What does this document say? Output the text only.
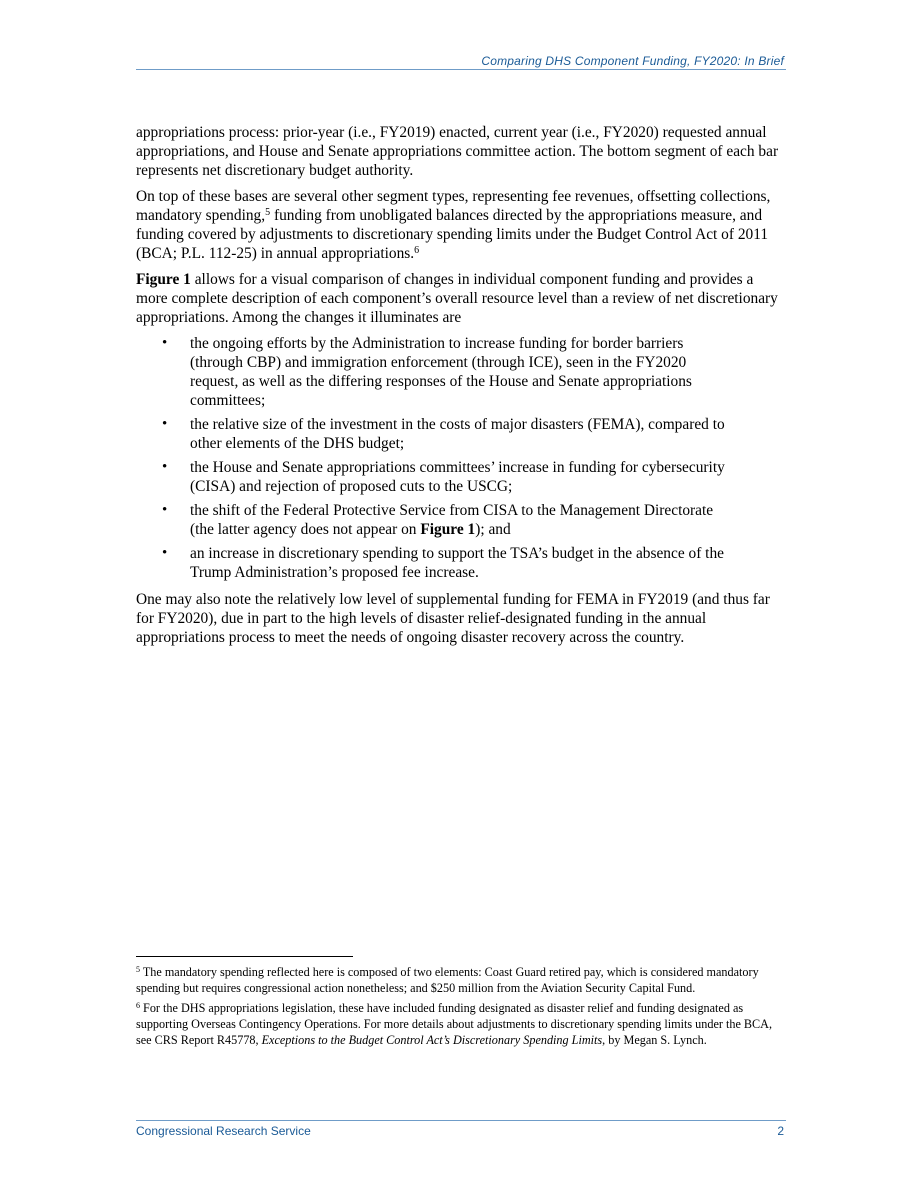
Comparing DHS Component Funding, FY2020: In Brief

appropriations process: prior-year (i.e., FY2019) enacted, current year (i.e., FY2020) requested annual appropriations, and House and Senate appropriations committee action. The bottom segment of each bar represents net discretionary budget authority.

On top of these bases are several other segment types, representing fee revenues, offsetting collections, mandatory spending,$^5$ funding from unobligated balances directed by the appropriations measure, and funding covered by adjustments to discretionary spending limits under the Budget Control Act of 2011 (BCA; P.L. 112-25) in annual appropriations.$^6$

Figure 1 allows for a visual comparison of changes in individual component funding and provides a more complete description of each component’s overall resource level than a review of net discretionary appropriations. Among the changes it illuminates are

• the ongoing efforts by the Administration to increase funding for border barriers (through CBP) and immigration enforcement (through ICE), seen in the FY2020 request, as well as the differing responses of the House and Senate appropriations committees;
• the relative size of the investment in the costs of major disasters (FEMA), compared to other elements of the DHS budget;
• the House and Senate appropriations committees’ increase in funding for cybersecurity (CISA) and rejection of proposed cuts to the USCG;
• the shift of the Federal Protective Service from CISA to the Management Directorate (the latter agency does not appear on Figure 1); and
• an increase in discretionary spending to support the TSA’s budget in the absence of the Trump Administration’s proposed fee increase.

One may also note the relatively low level of supplemental funding for FEMA in FY2019 (and thus far for FY2020), due in part to the high levels of disaster relief-designated funding in the annual appropriations process to meet the needs of ongoing disaster recovery across the country.

$^5$ The mandatory spending reflected here is composed of two elements: Coast Guard retired pay, which is considered mandatory spending but requires congressional action nonetheless; and $250 million from the Aviation Security Capital Fund.

$^6$ For the DHS appropriations legislation, these have included funding designated as disaster relief and funding designated as supporting Overseas Contingency Operations. For more details about adjustments to discretionary spending limits under the BCA, see CRS Report R45778, Exceptions to the Budget Control Act’s Discretionary Spending Limits, by Megan S. Lynch.

Congressional Research Service	2
